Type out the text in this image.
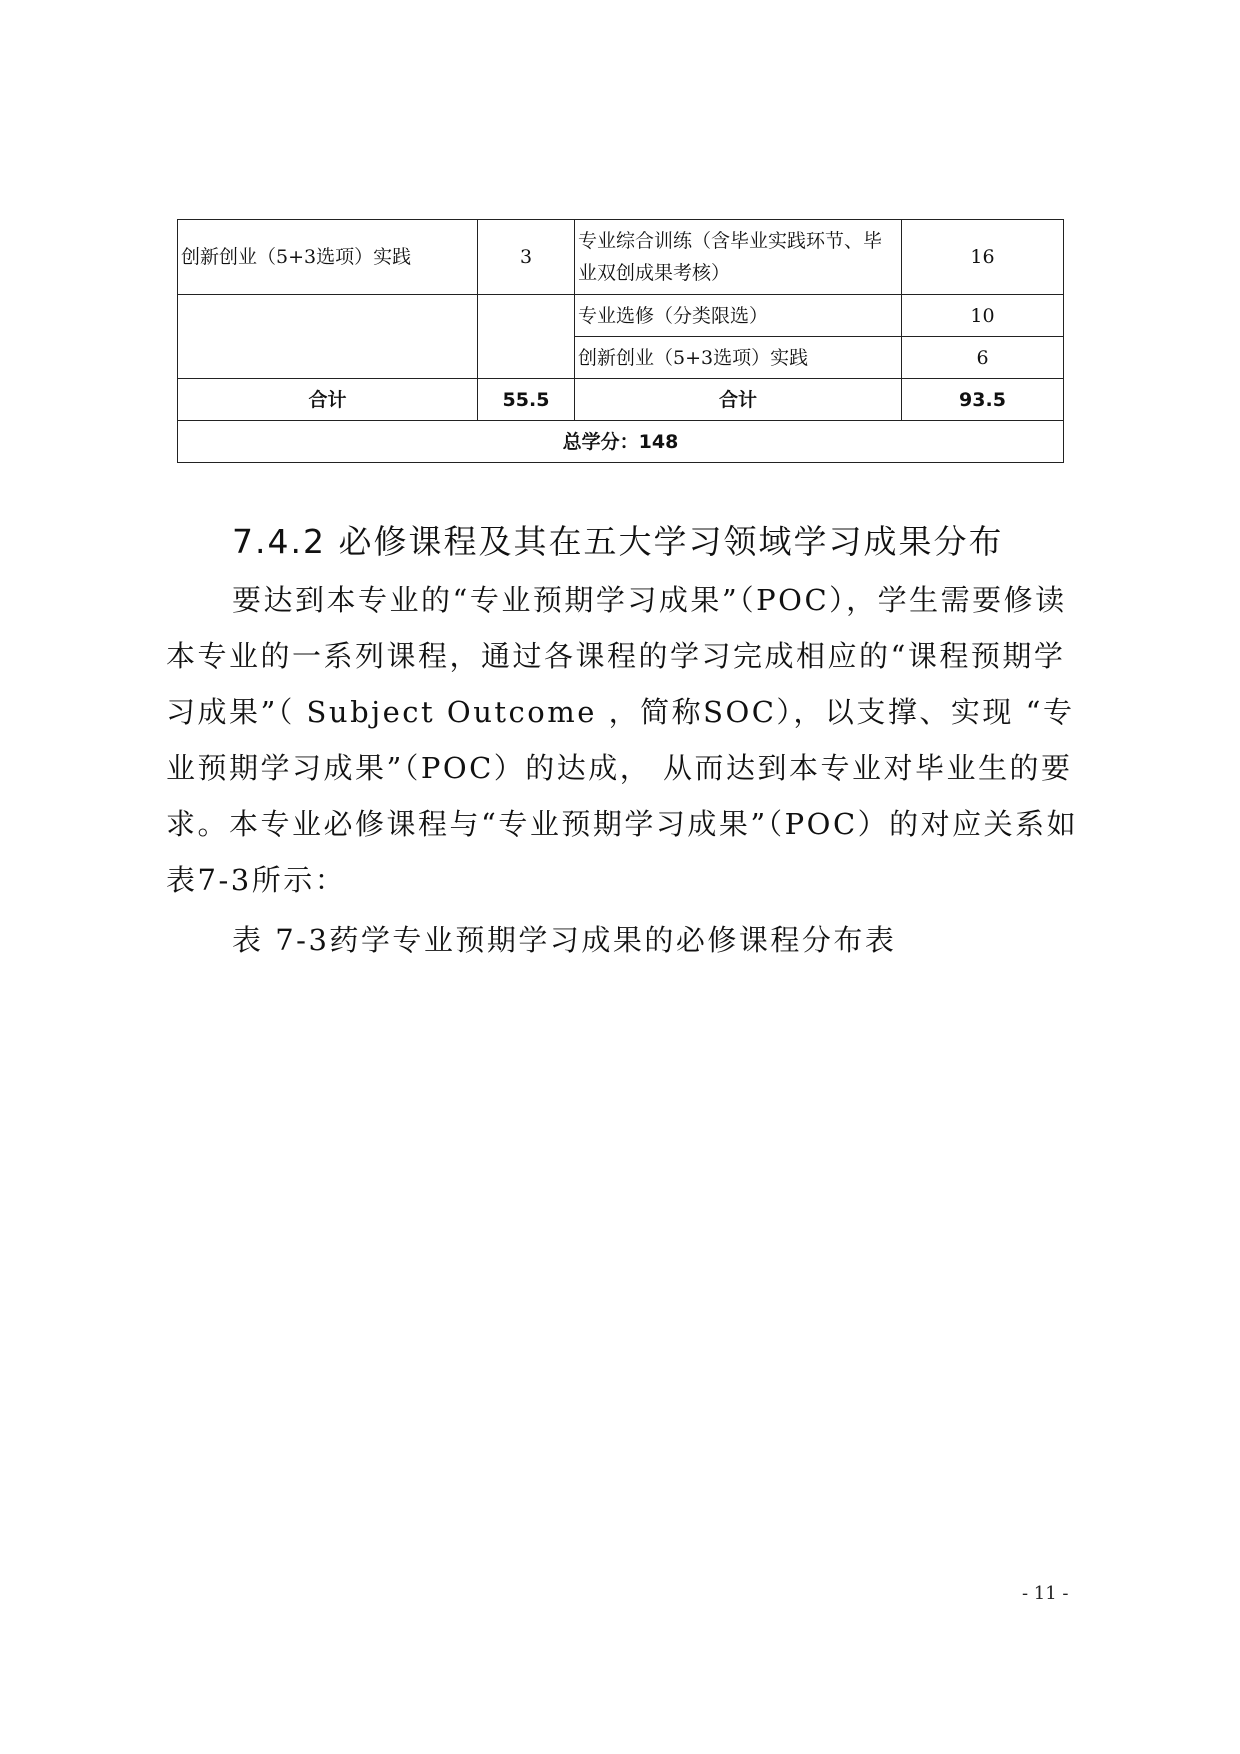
创新创业（5+3选项）实践	3	专业综合训练（含毕业实践环节、毕业双创成果考核）	16
		专业选修（分类限选）	10
		创新创业（5+3选项）实践	6
合计	55.5	合计	93.5
总学分：148			
7.4.2 必修课程及其在五大学习领域学习成果分布
要达到本专业的“专业预期学习成果”（POC），学生需要修读本专业的一系列课程，通过各课程的学习完成相应的“课程预期学习成果”（ Subject Outcome ，简称SOC），以支撑、实现 “专业预期学习成果”（POC）的达成， 从而达到本专业对毕业生的要求。本专业必修课程与“专业预期学习成果”（POC）的对应关系如表7-3所示：
表 7-3药学专业预期学习成果的必修课程分布表
- 11 -
